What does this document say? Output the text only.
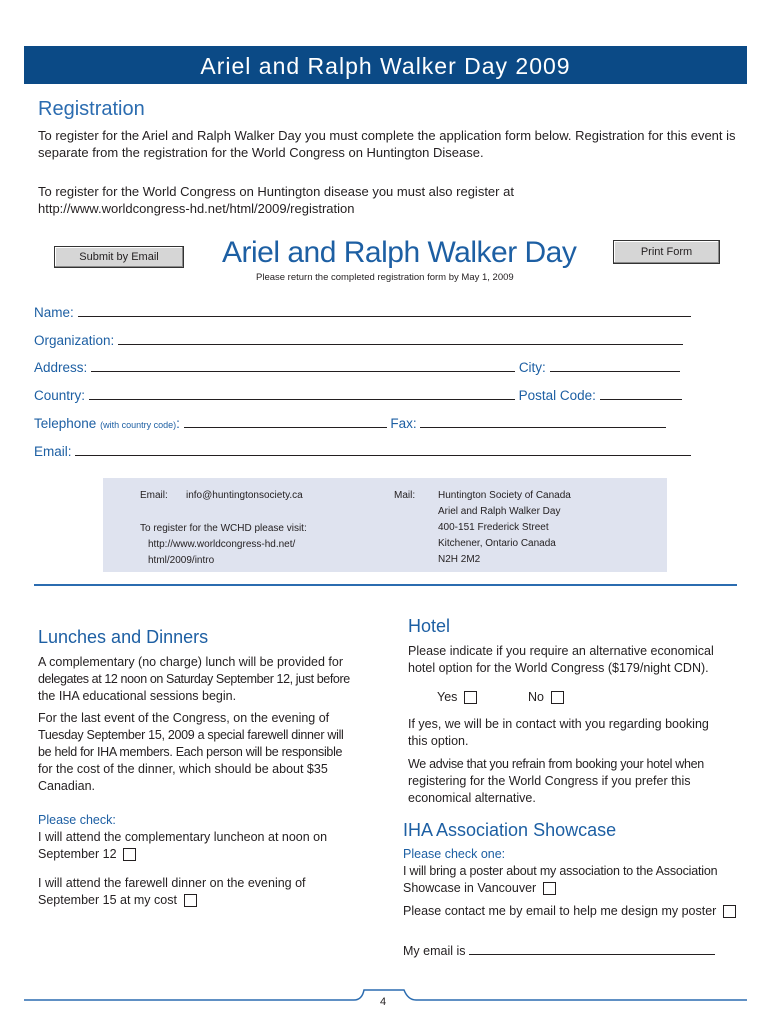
Ariel and Ralph Walker Day 2009
Registration
To register for the Ariel and Ralph Walker Day you must complete the application form below. Registration for this event is
separate from the registration for the World Congress on Huntington Disease.
To register for the World Congress on Huntington disease you must also register at
http://www.worldcongress-hd.net/html/2009/registration
Submit by Email	Ariel and Ralph Walker Day	Print Form
Please return the completed registration form by May 1, 2009
Name:
Organization:
Address:	City:
Country:	Postal Code:
Telephone (with country code):	Fax:
Email:
Email: info@huntingtonsociety.ca
To register for the WCHD please visit:
http://www.worldcongress-hd.net/
html/2009/intro
Mail: Huntington Society of Canada
Ariel and Ralph Walker Day
400-151 Frederick Street
Kitchener, Ontario Canada
N2H 2M2
Lunches and Dinners
A complementary (no charge) lunch will be provided for
delegates at 12 noon on Saturday September 12, just before
the IHA educational sessions begin.
For the last event of the Congress, on the evening of
Tuesday September 15, 2009 a special farewell dinner will
be held for IHA members. Each person will be responsible
for the cost of the dinner, which should be about $35
Canadian.
Please check:
I will attend the complementary luncheon at noon on
September 12
I will attend the farewell dinner on the evening of
September 15 at my cost
Hotel
Please indicate if you require an alternative economical
hotel option for the World Congress ($179/night CDN).
Yes	No
If yes, we will be in contact with you regarding booking
this option.
We advise that you refrain from booking your hotel when
registering for the World Congress if you prefer this
economical alternative.
IHA Association Showcase
Please check one:
I will bring a poster about my association to the Association
Showcase in Vancouver
Please contact me by email to help me design my poster
My email is
4
